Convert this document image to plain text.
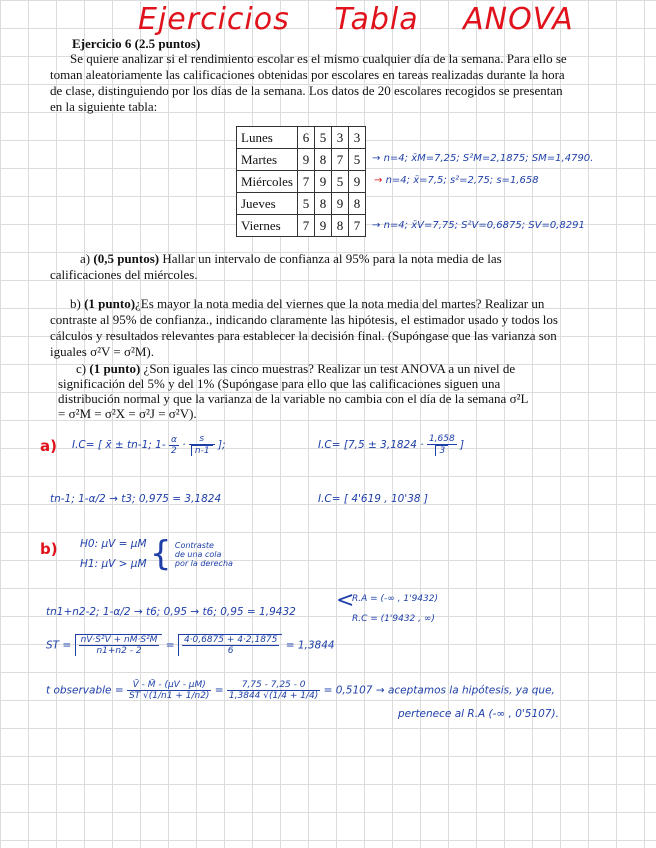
Ejercicios Tabla ANOVA
Ejercicio 6 (2.5 puntos)
Se quiere analizar si el rendimiento escolar es el mismo cualquier día de la semana. Para ello se toman aleatoriamente las calificaciones obtenidas por escolares en tareas realizadas durante la hora de clase, distinguiendo por los días de la semana. Los datos de 20 escolares recogidos se presentan en la siguiente tabla:
Lunes	6	5	3	3
Martes	9	8	7	5
Miércoles	7	9	5	9
Jueves	5	8	9	8
Viernes	7	9	8	7
→ n=4; x̄M=7,25; S²M=2,1875; SM=1,4790.
→ n=4; x̄=7,5; s²=2,75; s=1,658
→ n=4; x̄V=7,75; S²V=0,6875; SV=0,8291
a) (0,5 puntos) Hallar un intervalo de confianza al 95% para la nota media de las calificaciones del miércoles.
b) (1 punto)¿Es mayor la nota media del viernes que la nota media del martes? Realizar un contraste al 95% de confianza., indicando claramente las hipótesis, el estimador usado y todos los cálculos y resultados relevantes para establecer la decisión final. (Supóngase que las varianza son iguales σ²V = σ²M).
c) (1 punto) ¿Son iguales las cinco muestras? Realizar un test ANOVA a un nivel de significación del 5% y del 1% (Supóngase para ello que las calificaciones siguen una distribución normal y que la varianza de la variable no cambia con el día de la semana σ²L = σ²M = σ²X = σ²J = σ²V).
a) I.C= [ x̄ ± tn-1; $1- \frac{\alpha}{2} \cdot \frac{s}{n-1}$ ];	$I.C= [7,5 \pm 3,1824 \cdot \frac{1,658}{3}$ ]
tn-1; 1-α/2 → t3; 0,975 = 3,1824	I.C= [ 4'619 , 10'38 ]
b) H0: μV = μM
H1: μV > μM { Contraste
de una cola
por la derecha
tn1+n2-2; 1-α/2 → t6; 0,95 → t6; 0,95 = 1,9432 <
R.A = (-∞ , 1'9432)
R.C = (1'9432 , ∞)
ST = $\frac{\text{nV·S²V + nM·S²M}}{n1+n2 - 2} = \frac{4\cdot 0,6875 + 4\cdot 2,1875}{6} = 1,3844$
t observable = $\frac{V̄ - M̄ - (\mu V - \mu M)}{ST √(1/n1 + 1/n2)} = \frac{7,75 - 7,25 - 0}{1,3844 √(1/4 + 1/4)} = 0,5107$ → aceptamos la hipótesis, ya que,
pertenece al R.A (-∞ , 0'5107).
